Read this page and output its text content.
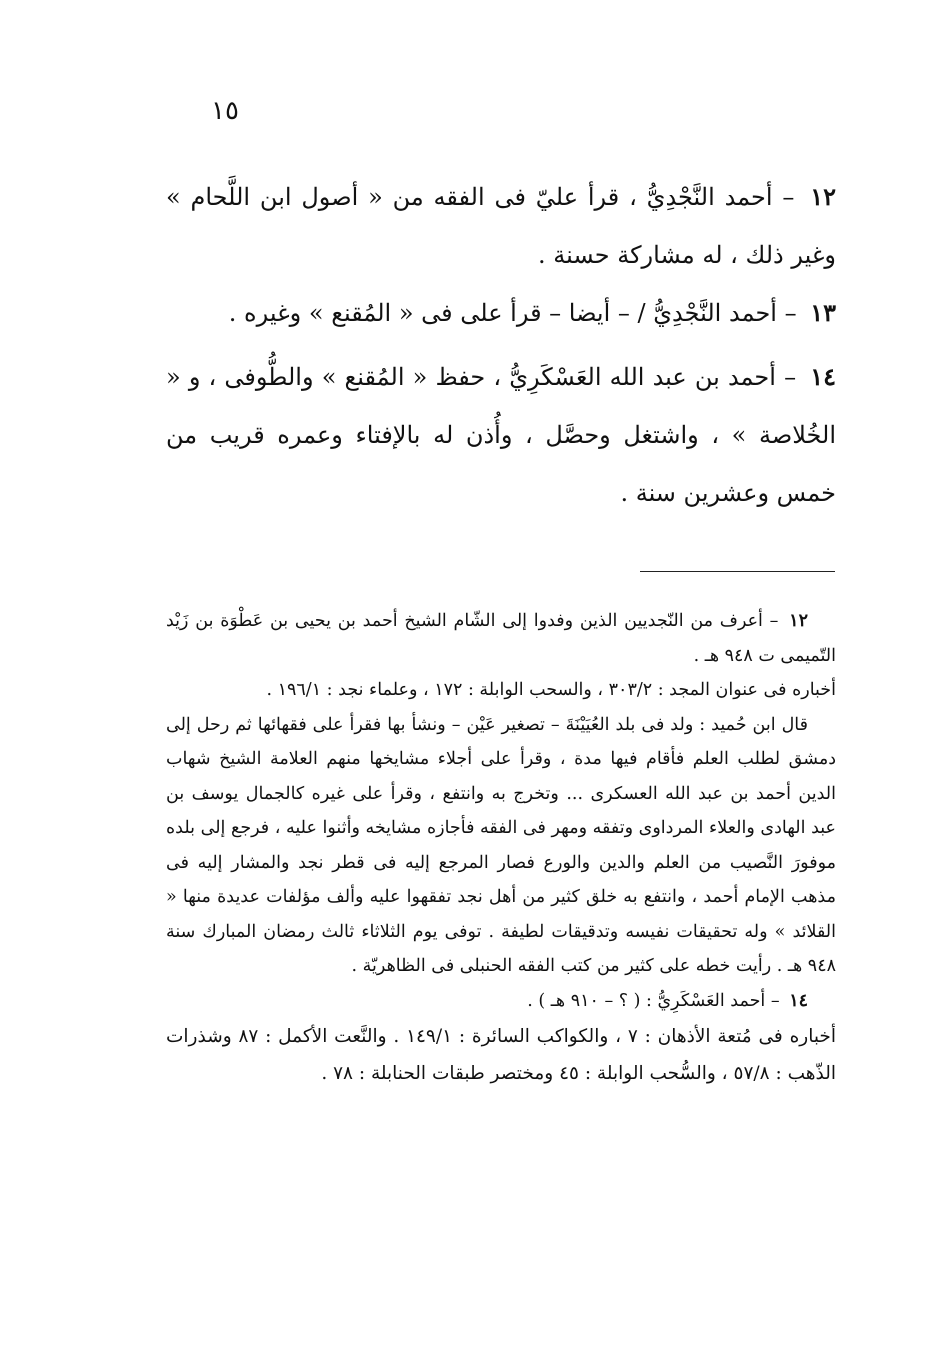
١٥

١٢ – أحمد النَّجْدِيُّ ، قرأ عليّ فى الفقه من « أصول ابن اللَّحام » وغير ذلك ، له مشاركة حسنة .

١٣ – أحمد النَّجْدِيُّ / – أيضا – قرأ على فى « المُقنع » وغيره .

١٤ – أحمد بن عبد الله العَسْكَرِيُّ ، حفظ « المُقنع » والطُّوفى ، و « الخُلاصة » ، واشتغل وحصَّل ، وأُذن له بالإفتاء وعمره قريب من خمس وعشرين سنة .

١٢ – أعرف من النّجديين الذين وفدوا إلى الشّام الشيخ أحمد بن يحيى بن عَطْوَة بن زَيْد التّميمى ت ٩٤٨ هـ .

أخباره فى عنوان المجد : ٣٠٣/٢ ، والسحب الوابلة : ١٧٢ ، وعلماء نجد : ١٩٦/١ .

قال ابن حُميد : ولد فى بلد العُيَيْنَةَ – تصغير عَيْن – ونشأ بها فقرأ على فقهائها ثم رحل إلى دمشق لطلب العلم فأقام فيها مدة ، وقرأ على أجلاء مشايخها منهم العلامة الشيخ شهاب الدين أحمد بن عبد الله العسكرى ... وتخرج به وانتفع ، وقرأ على غيره كالجمال يوسف بن عبد الهادى والعلاء المرداوى وتفقه ومهر فى الفقه فأجازه مشايخه وأثنوا عليه ، فرجع إلى بلده موفورَ النَّصيب من العلم والدين والورع فصار المرجع إليه فى قطر نجد والمشار إليه فى مذهب الإمام أحمد ، وانتفع به خلق كثير من أهل نجد تفقهوا عليه وألف مؤلفات عديدة منها « القلائد » وله تحقيقات نفيسه وتدقيقات لطيفة . توفى يوم الثلاثاء ثالث رمضان المبارك سنة ٩٤٨ هـ . رأيت خطه على كثير من كتب الفقه الحنبلى فى الظاهريّة .

١٤ – أحمد العَسْكَرِيُّ : ( ؟ – ٩١٠ هـ ) .

أخباره فى مُتعة الأذهان : ٧ ، والكواكب السائرة : ١٤٩/١ . والنَّعت الأكمل : ٨٧ وشذرات الذّهب : ٥٧/٨ ، والسُّحب الوابلة : ٤٥ ومختصر طبقات الحنابلة : ٧٨ .
